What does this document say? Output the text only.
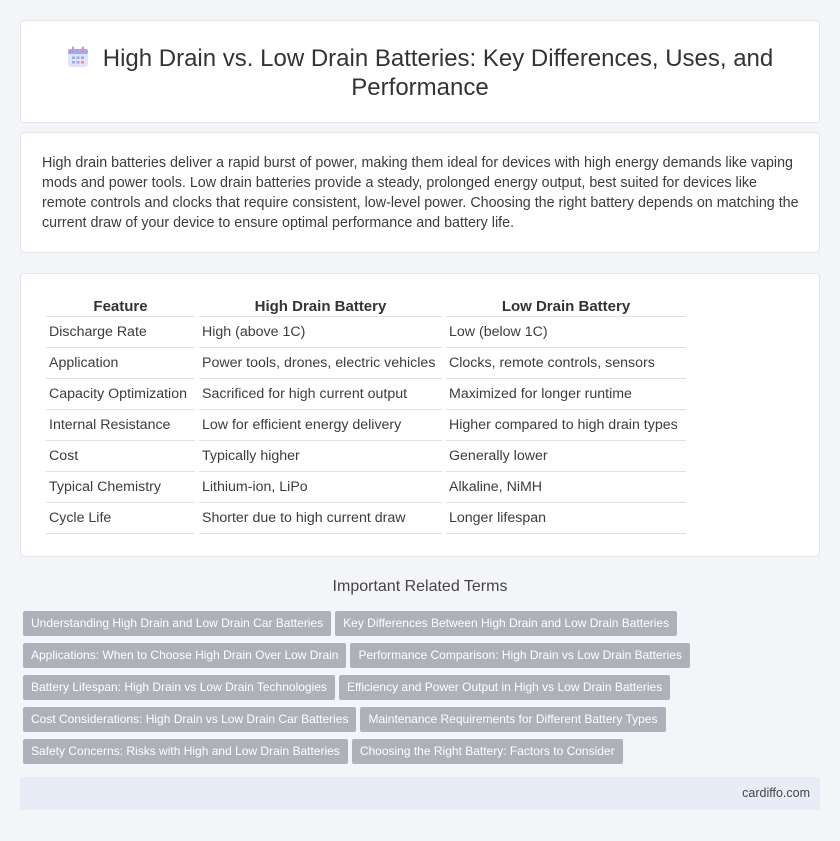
High Drain vs. Low Drain Batteries: Key Differences, Uses, and
Performance

High drain batteries deliver a rapid burst of power, making them ideal for devices with high energy demands like vaping mods and power tools. Low drain batteries provide a steady, prolonged energy output, best suited for devices like remote controls and clocks that require consistent, low-level power. Choosing the right battery depends on matching the current draw of your device to ensure optimal performance and battery life.

Feature	High Drain Battery	Low Drain Battery
Discharge Rate	High (above 1C)	Low (below 1C)
Application	Power tools, drones, electric vehicles	Clocks, remote controls, sensors
Capacity Optimization	Sacrificed for high current output	Maximized for longer runtime
Internal Resistance	Low for efficient energy delivery	Higher compared to high drain types
Cost	Typically higher	Generally lower
Typical Chemistry	Lithium-ion, LiPo	Alkaline, NiMH
Cycle Life	Shorter due to high current draw	Longer lifespan
Important Related Terms
Understanding High Drain and Low Drain Car Batteries Key Differences Between High Drain and Low Drain Batteries
Applications: When to Choose High Drain Over Low Drain Performance Comparison: High Drain vs Low Drain Batteries
Battery Lifespan: High Drain vs Low Drain Technologies Efficiency and Power Output in High vs Low Drain Batteries
Cost Considerations: High Drain vs Low Drain Car Batteries Maintenance Requirements for Different Battery Types
Safety Concerns: Risks with High and Low Drain Batteries Choosing the Right Battery: Factors to Consider
cardiffo.com
